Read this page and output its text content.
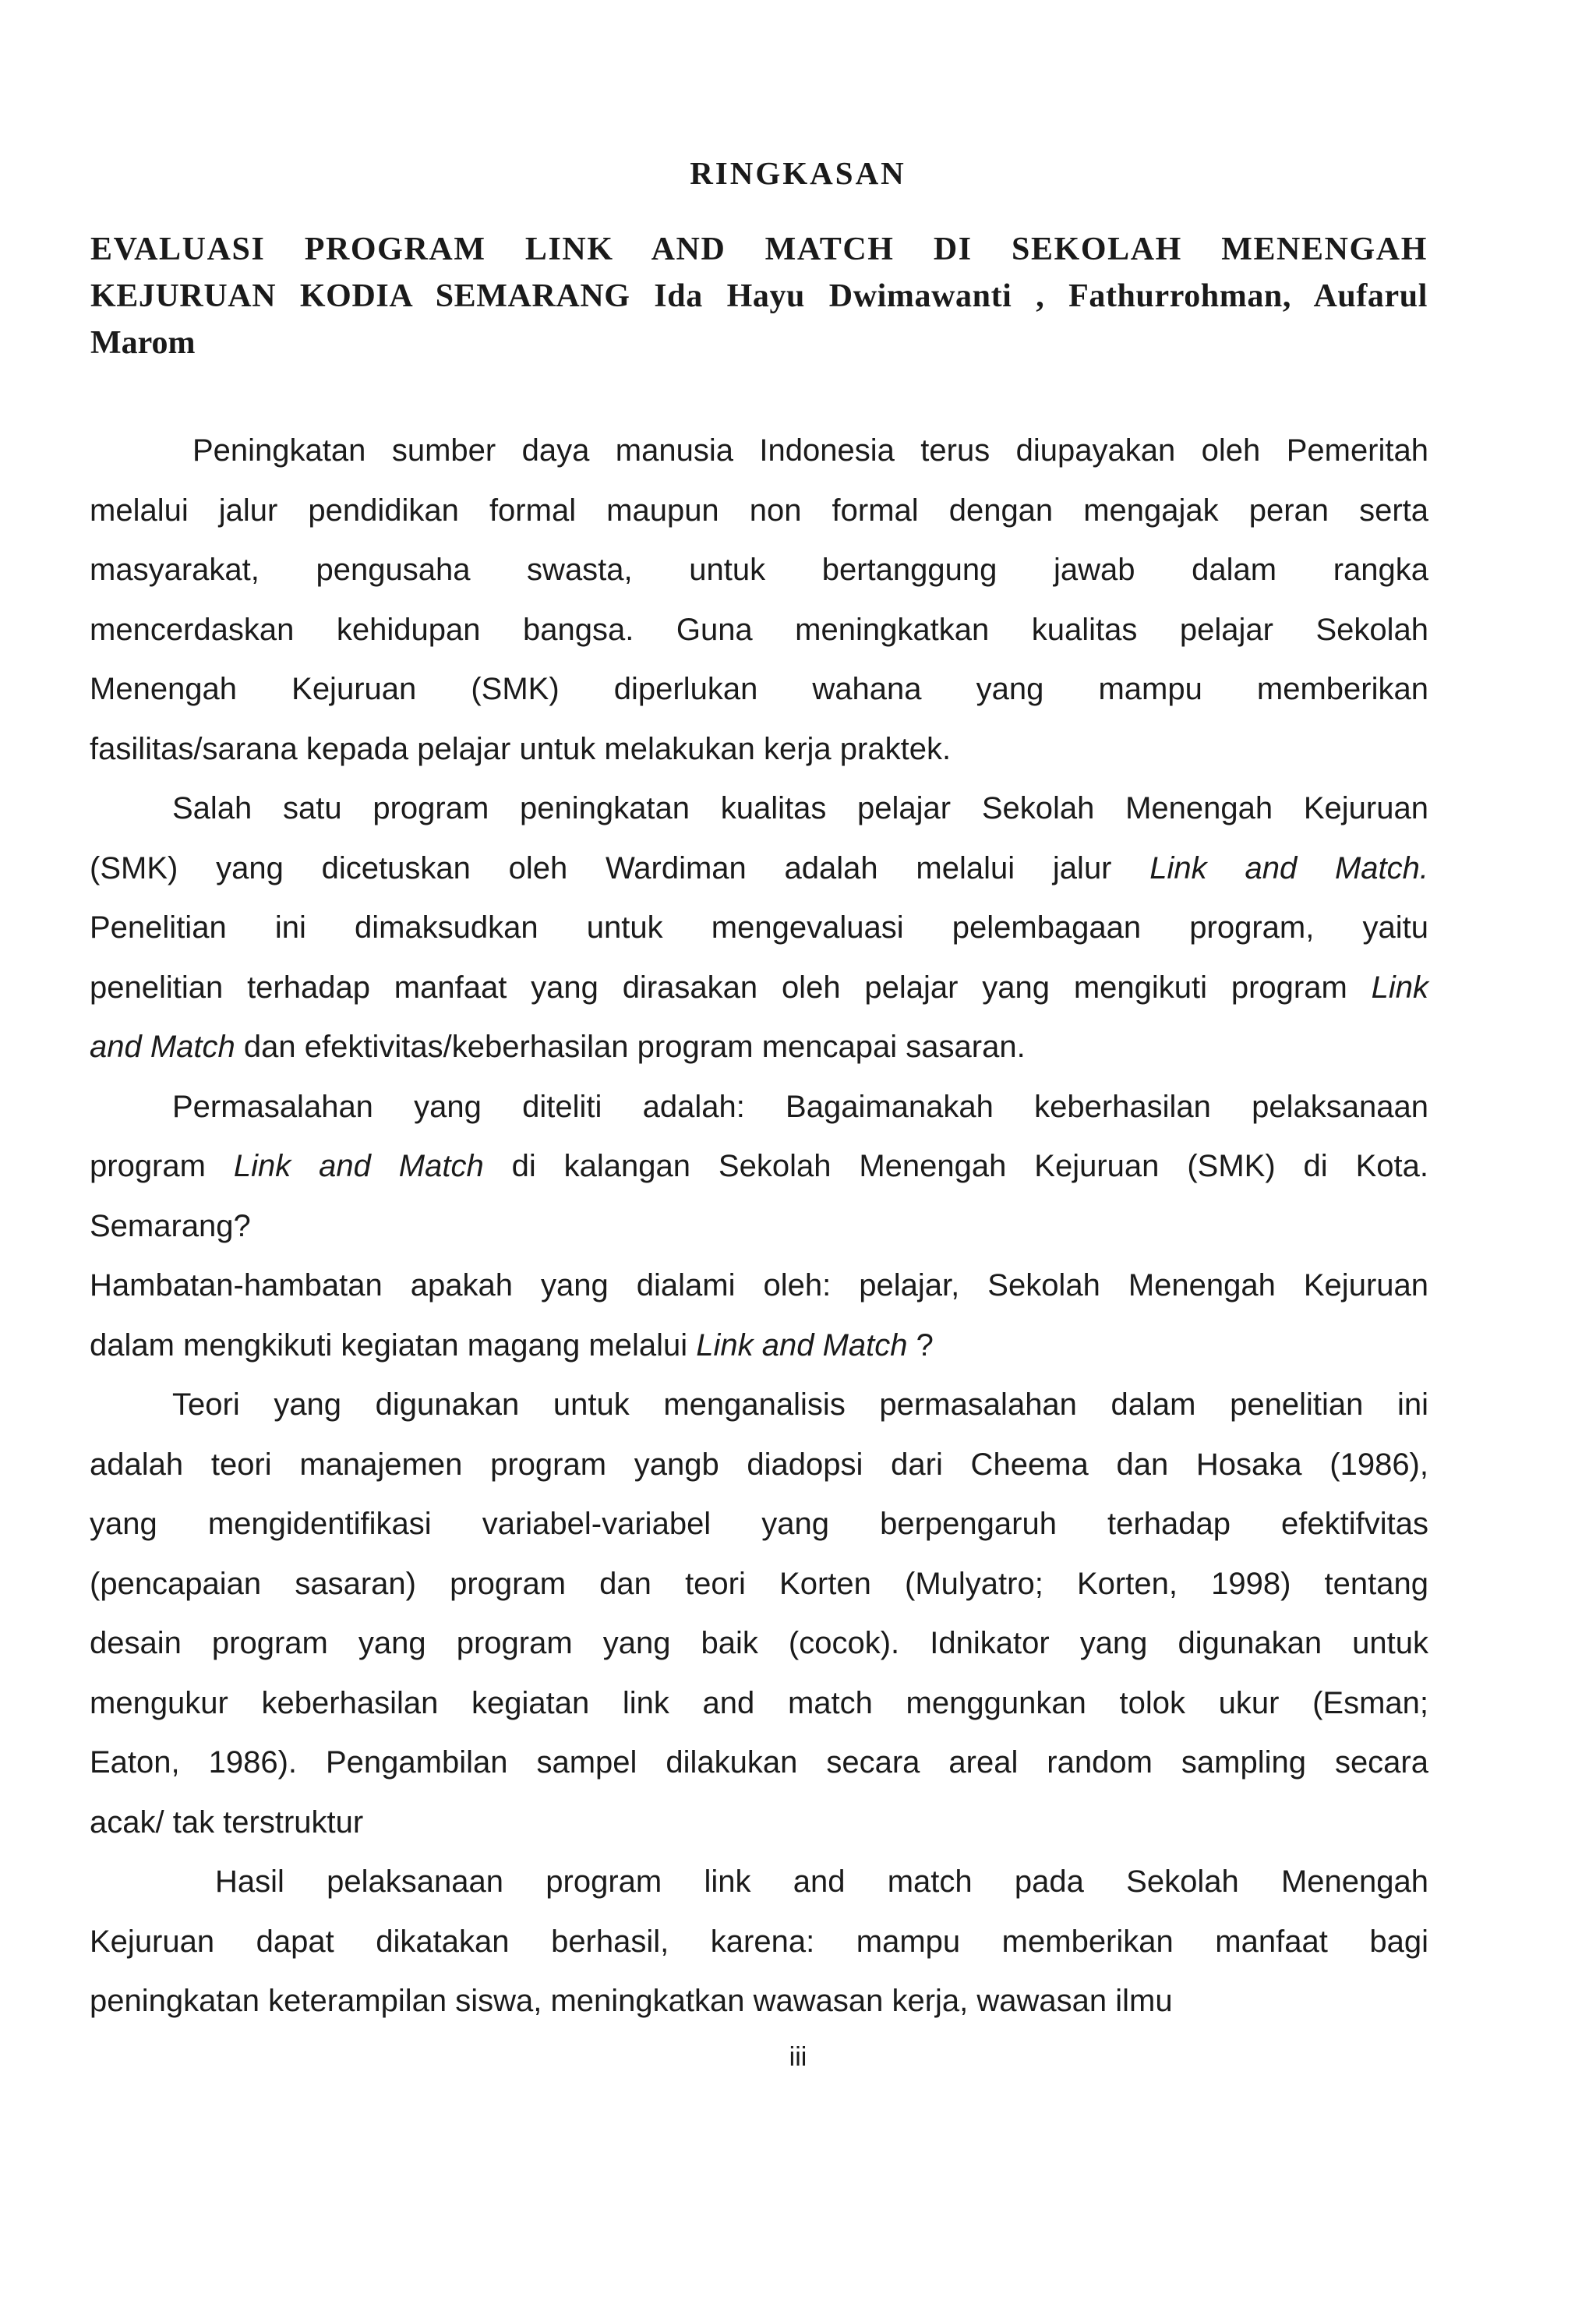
RINGKASAN
EVALUASI PROGRAM LINK AND MATCH DI SEKOLAH MENENGAH
KEJURUAN KODIA SEMARANG Ida Hayu Dwimawanti , Fathurrohman, Aufarul
Marom
Peningkatan sumber daya manusia Indonesia terus diupayakan oleh Pemeritah
melalui jalur pendidikan formal maupun non formal dengan mengajak peran serta
masyarakat, pengusaha swasta, untuk bertanggung jawab dalam rangka
mencerdaskan kehidupan bangsa. Guna meningkatkan kualitas pelajar Sekolah
Menengah Kejuruan (SMK) diperlukan wahana yang mampu memberikan
fasilitas/sarana kepada pelajar untuk melakukan kerja praktek.
Salah satu program peningkatan kualitas pelajar Sekolah Menengah Kejuruan
(SMK) yang dicetuskan oleh Wardiman adalah melalui jalur Link and Match.
Penelitian ini dimaksudkan untuk mengevaluasi pelembagaan program, yaitu
penelitian terhadap manfaat yang dirasakan oleh pelajar yang mengikuti program Link
and Match dan efektivitas/keberhasilan program mencapai sasaran.
Permasalahan yang diteliti adalah: Bagaimanakah keberhasilan pelaksanaan
program Link and Match di kalangan Sekolah Menengah Kejuruan (SMK) di Kota.
Semarang?
Hambatan-hambatan apakah yang dialami oleh: pelajar, Sekolah Menengah Kejuruan
dalam mengkikuti kegiatan magang melalui Link and Match ?
Teori yang digunakan untuk menganalisis permasalahan dalam penelitian ini
adalah teori manajemen program yangb diadopsi dari Cheema dan Hosaka (1986),
yang mengidentifikasi variabel-variabel yang berpengaruh terhadap efektifvitas
(pencapaian sasaran) program dan teori Korten (Mulyatro; Korten, 1998) tentang
desain program yang program yang baik (cocok). Idnikator yang digunakan untuk
mengukur keberhasilan kegiatan link and match menggunkan tolok ukur (Esman;
Eaton, 1986). Pengambilan sampel dilakukan secara areal random sampling secara
acak/ tak terstruktur
Hasil pelaksanaan program link and match pada Sekolah Menengah
Kejuruan dapat dikatakan berhasil, karena: mampu memberikan manfaat bagi
peningkatan keterampilan siswa, meningkatkan wawasan kerja, wawasan ilmu
iii
